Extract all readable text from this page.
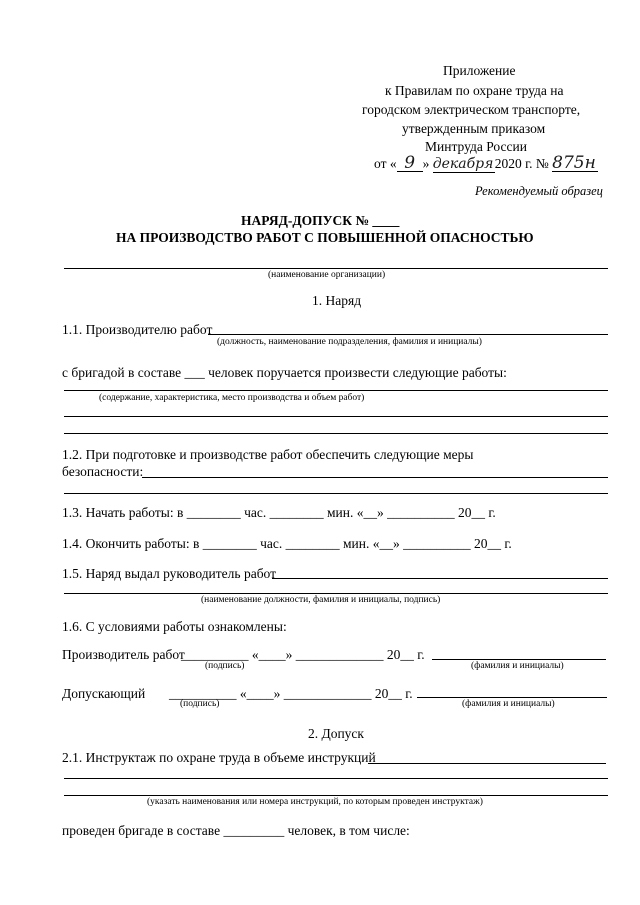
Приложение
к Правилам по охране труда на
городском электрическом транспорте,
утвержденным приказом
Минтруда России
от « 9 » декабря2020 г. № 875н
Рекомендуемый образец
НАРЯД-ДОПУСК № ____
НА ПРОИЗВОДСТВО РАБОТ С ПОВЫШЕННОЙ ОПАСНОСТЬЮ
(наименование организации)
1. Наряд
1.1. Производителю работ
(должность, наименование подразделения, фамилия и инициалы)
с бригадой в составе ___ человек поручается произвести следующие работы:
(содержание, характеристика, место производства и объем работ)
1.2. При подготовке и производстве работ обеспечить следующие меры
безопасности:
1.3. Начать работы: в ________ час. ________ мин. «__» __________ 20__ г.
1.4. Окончить работы: в ________ час. ________ мин. «__» __________ 20__ г.
1.5. Наряд выдал руководитель работ
(наименование должности, фамилия и инициалы, подпись)
1.6. С условиями работы ознакомлены:
Производитель работ
__________ «____» _____________ 20__ г.
(подпись)	(фамилия и инициалы)
Допускающий __________ «____» _____________ 20__ г.
(подпись)	(фамилия и инициалы)
2. Допуск
2.1. Инструктаж по охране труда в объеме инструкций
(указать наименования или номера инструкций, по которым проведен инструктаж)
проведен бригаде в составе _________ человек, в том числе:
